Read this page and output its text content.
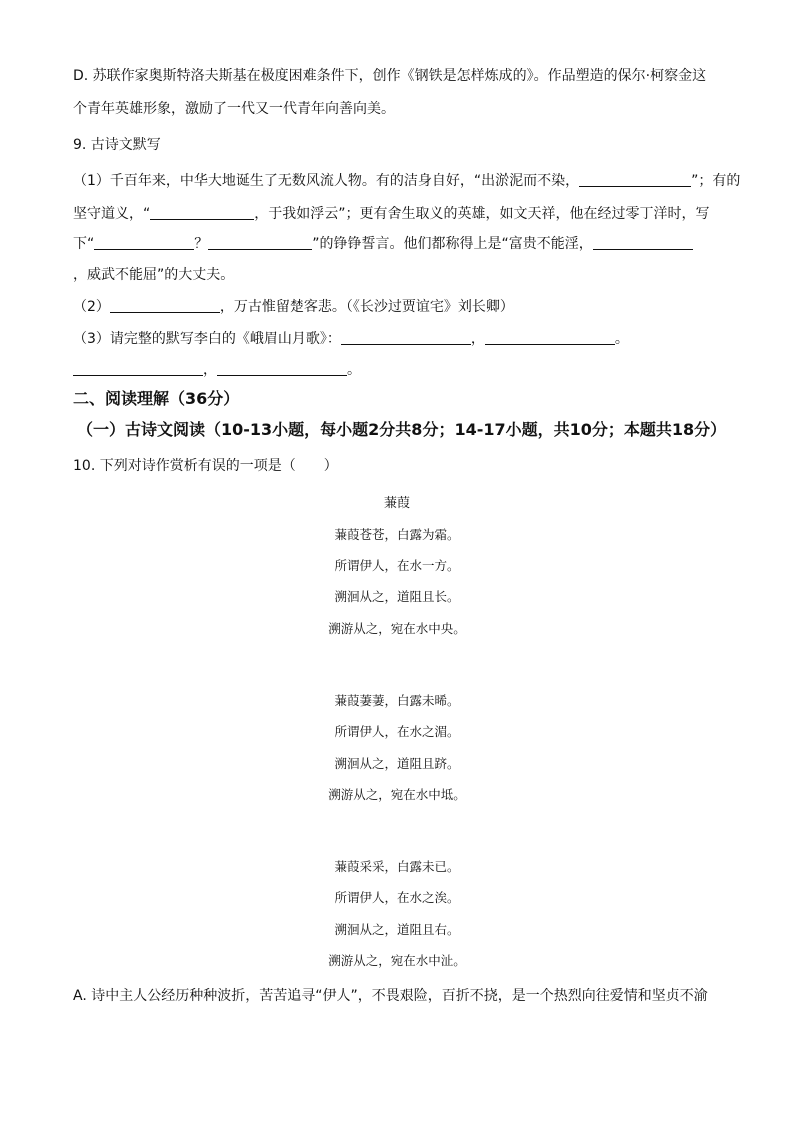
D. 苏联作家奥斯特洛夫斯基在极度困难条件下，创作《钢铁是怎样炼成的》。作品塑造的保尔·柯察金这
个青年英雄形象，激励了一代又一代青年向善向美。
9. 古诗文默写
（1）千百年来，中华大地诞生了无数风流人物。有的洁身自好，“出淤泥而不染，	”；有的
坚守道义，“	，于我如浮云”；更有舍生取义的英雄，如文天祥，他在经过零丁洋时，写
下“	？	”的铮铮誓言。他们都称得上是“富贵不能淫，
，威武不能屈”的大丈夫。
（2）	，万古惟留楚客悲。（《长沙过贾谊宅》刘长卿）
（3）请完整的默写李白的《峨眉山月歌》：	，	。
，	。
二、阅读理解（36分）
（一）古诗文阅读（10-13小题，每小题2分共8分；14-17小题，共10分；本题共18分）
10. 下列对诗作赏析有误的一项是（　　）
蒹葭
蒹葭苍苍，白露为霜。
所谓伊人，在水一方。
溯洄从之，道阻且长。
溯游从之，宛在水中央。
蒹葭萋萋，白露未晞。
所谓伊人，在水之湄。
溯洄从之，道阻且跻。
溯游从之，宛在水中坻。
蒹葭采采，白露未已。
所谓伊人，在水之涘。
溯洄从之，道阻且右。
溯游从之，宛在水中沚。
A. 诗中主人公经历种种波折，苦苦追寻“伊人”，不畏艰险，百折不挠，是一个热烈向往爱情和坚贞不渝
